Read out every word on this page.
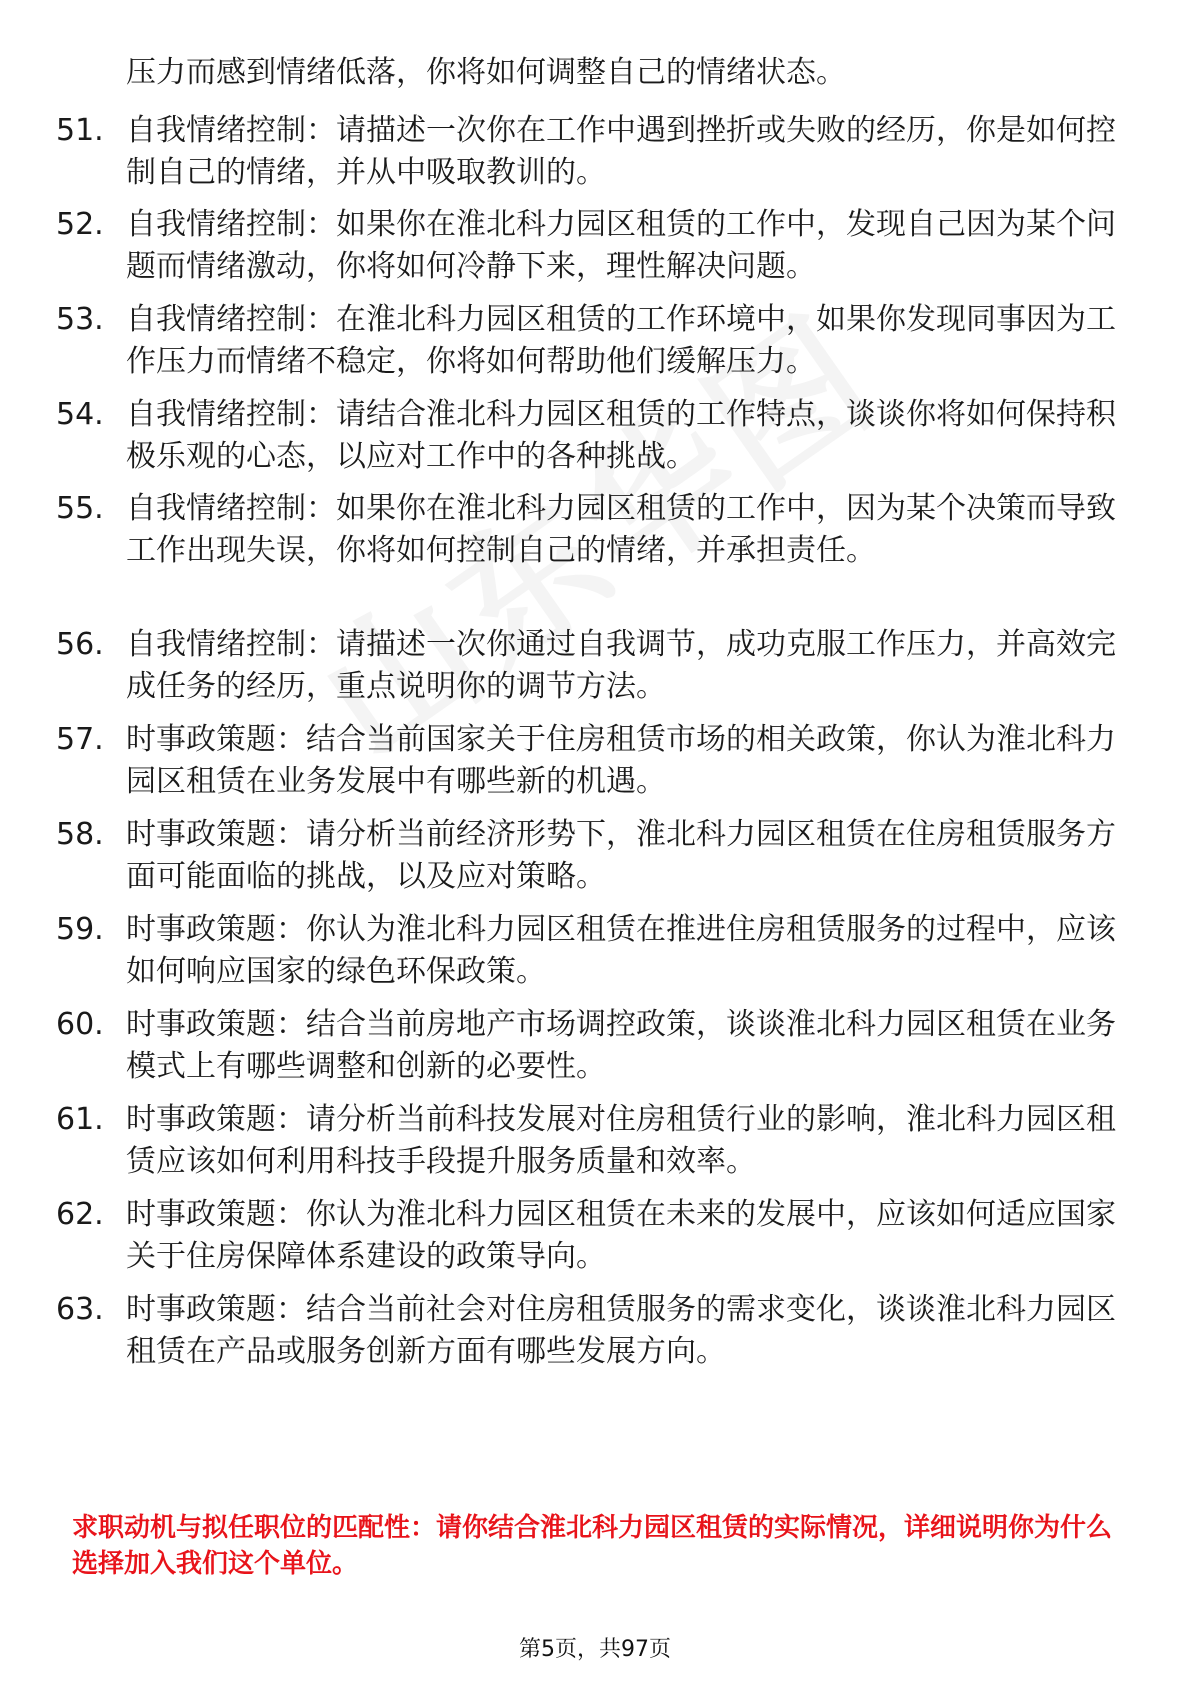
压力而感到情绪低落，你将如何调整自己的情绪状态。
51. 自我情绪控制：请描述一次你在工作中遇到挫折或失败的经历，你是如何控制自己的情绪，并从中吸取教训的。
52. 自我情绪控制：如果你在淮北科力园区租赁的工作中，发现自己因为某个问题而情绪激动，你将如何冷静下来，理性解决问题。
53. 自我情绪控制：在淮北科力园区租赁的工作环境中，如果你发现同事因为工作压力而情绪不稳定，你将如何帮助他们缓解压力。
54. 自我情绪控制：请结合淮北科力园区租赁的工作特点，谈谈你将如何保持积极乐观的心态，以应对工作中的各种挑战。
55. 自我情绪控制：如果你在淮北科力园区租赁的工作中，因为某个决策而导致工作出现失误，你将如何控制自己的情绪，并承担责任。
56. 自我情绪控制：请描述一次你通过自我调节，成功克服工作压力，并高效完成任务的经历，重点说明你的调节方法。
57. 时事政策题：结合当前国家关于住房租赁市场的相关政策，你认为淮北科力园区租赁在业务发展中有哪些新的机遇。
58. 时事政策题：请分析当前经济形势下，淮北科力园区租赁在住房租赁服务方面可能面临的挑战，以及应对策略。
59. 时事政策题：你认为淮北科力园区租赁在推进住房租赁服务的过程中，应该如何响应国家的绿色环保政策。
60. 时事政策题：结合当前房地产市场调控政策，谈谈淮北科力园区租赁在业务模式上有哪些调整和创新的必要性。
61. 时事政策题：请分析当前科技发展对住房租赁行业的影响，淮北科力园区租赁应该如何利用科技手段提升服务质量和效率。
62. 时事政策题：你认为淮北科力园区租赁在未来的发展中，应该如何适应国家关于住房保障体系建设的政策导向。
63. 时事政策题：结合当前社会对住房租赁服务的需求变化，谈谈淮北科力园区租赁在产品或服务创新方面有哪些发展方向。
求职动机与拟任职位的匹配性：请你结合淮北科力园区租赁的实际情况，详细说明你为什么选择加入我们这个单位。
第5页，共97页
